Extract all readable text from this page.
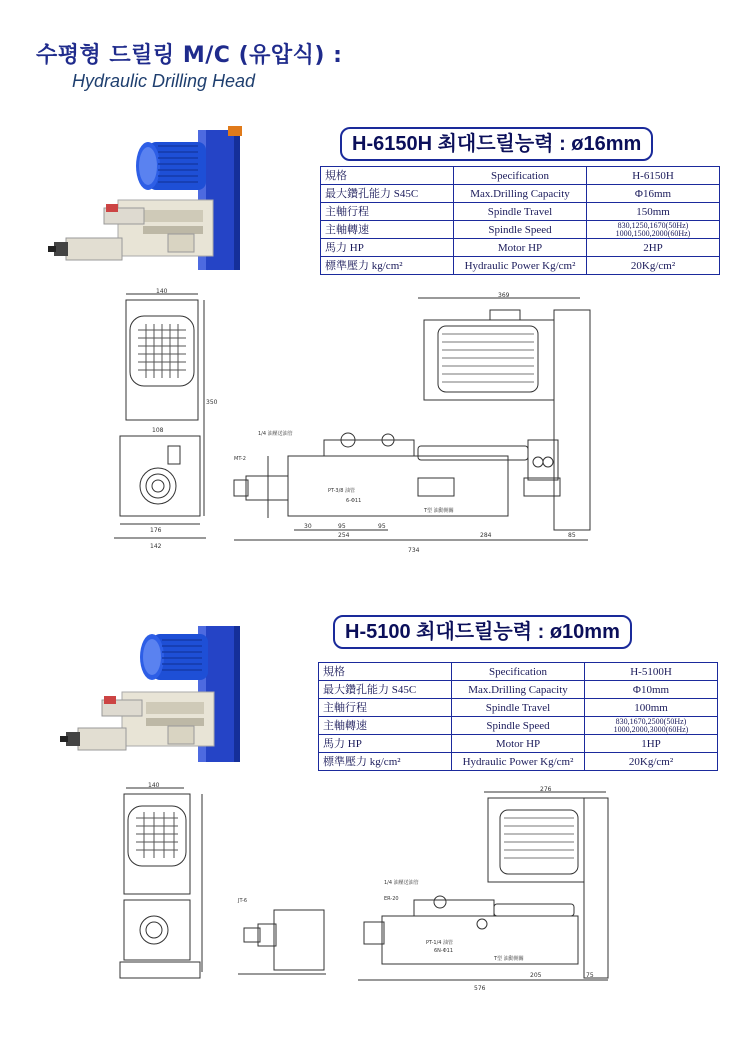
수평형 드릴링 M/C (유압식) :
Hydraulic Drilling Head
H-6150H 최대드릴능력 : ø16mm
規格	Specification	H-6150H
最大鑽孔能力 S45C	Max.Drilling Capacity	Φ16mm
主軸行程	Spindle Travel	150mm
主軸轉速	Spindle Speed	830,1250,1670(50Hz) 1000,1500,2000(60Hz)
馬力 HP	Motor HP	2HP
標準壓力 kg/cm²	Hydraulic Power Kg/cm²	20Kg/cm²
140
350
108
176
142
369
734
254	284	85
95	95
30
1/4 油壓送油管
MT-2
PT-3/8 油管
6-Φ11
T型 油動開關
H-5100 최대드릴능력 : ø10mm
規格	Specification	H-5100H
最大鑽孔能力 S45C	Max.Drilling Capacity	Φ10mm
主軸行程	Spindle Travel	100mm
主軸轉速	Spindle Speed	830,1670,2500(50Hz) 1000,2000,3000(60Hz)
馬力 HP	Motor HP	1HP
標準壓力 kg/cm²	Hydraulic Power Kg/cm²	20Kg/cm²
140
JT-6
276
576
205	75
1/4 油壓送油管
ER-20
PT-1/4 油管
6N-Φ11
T型 油動開關
